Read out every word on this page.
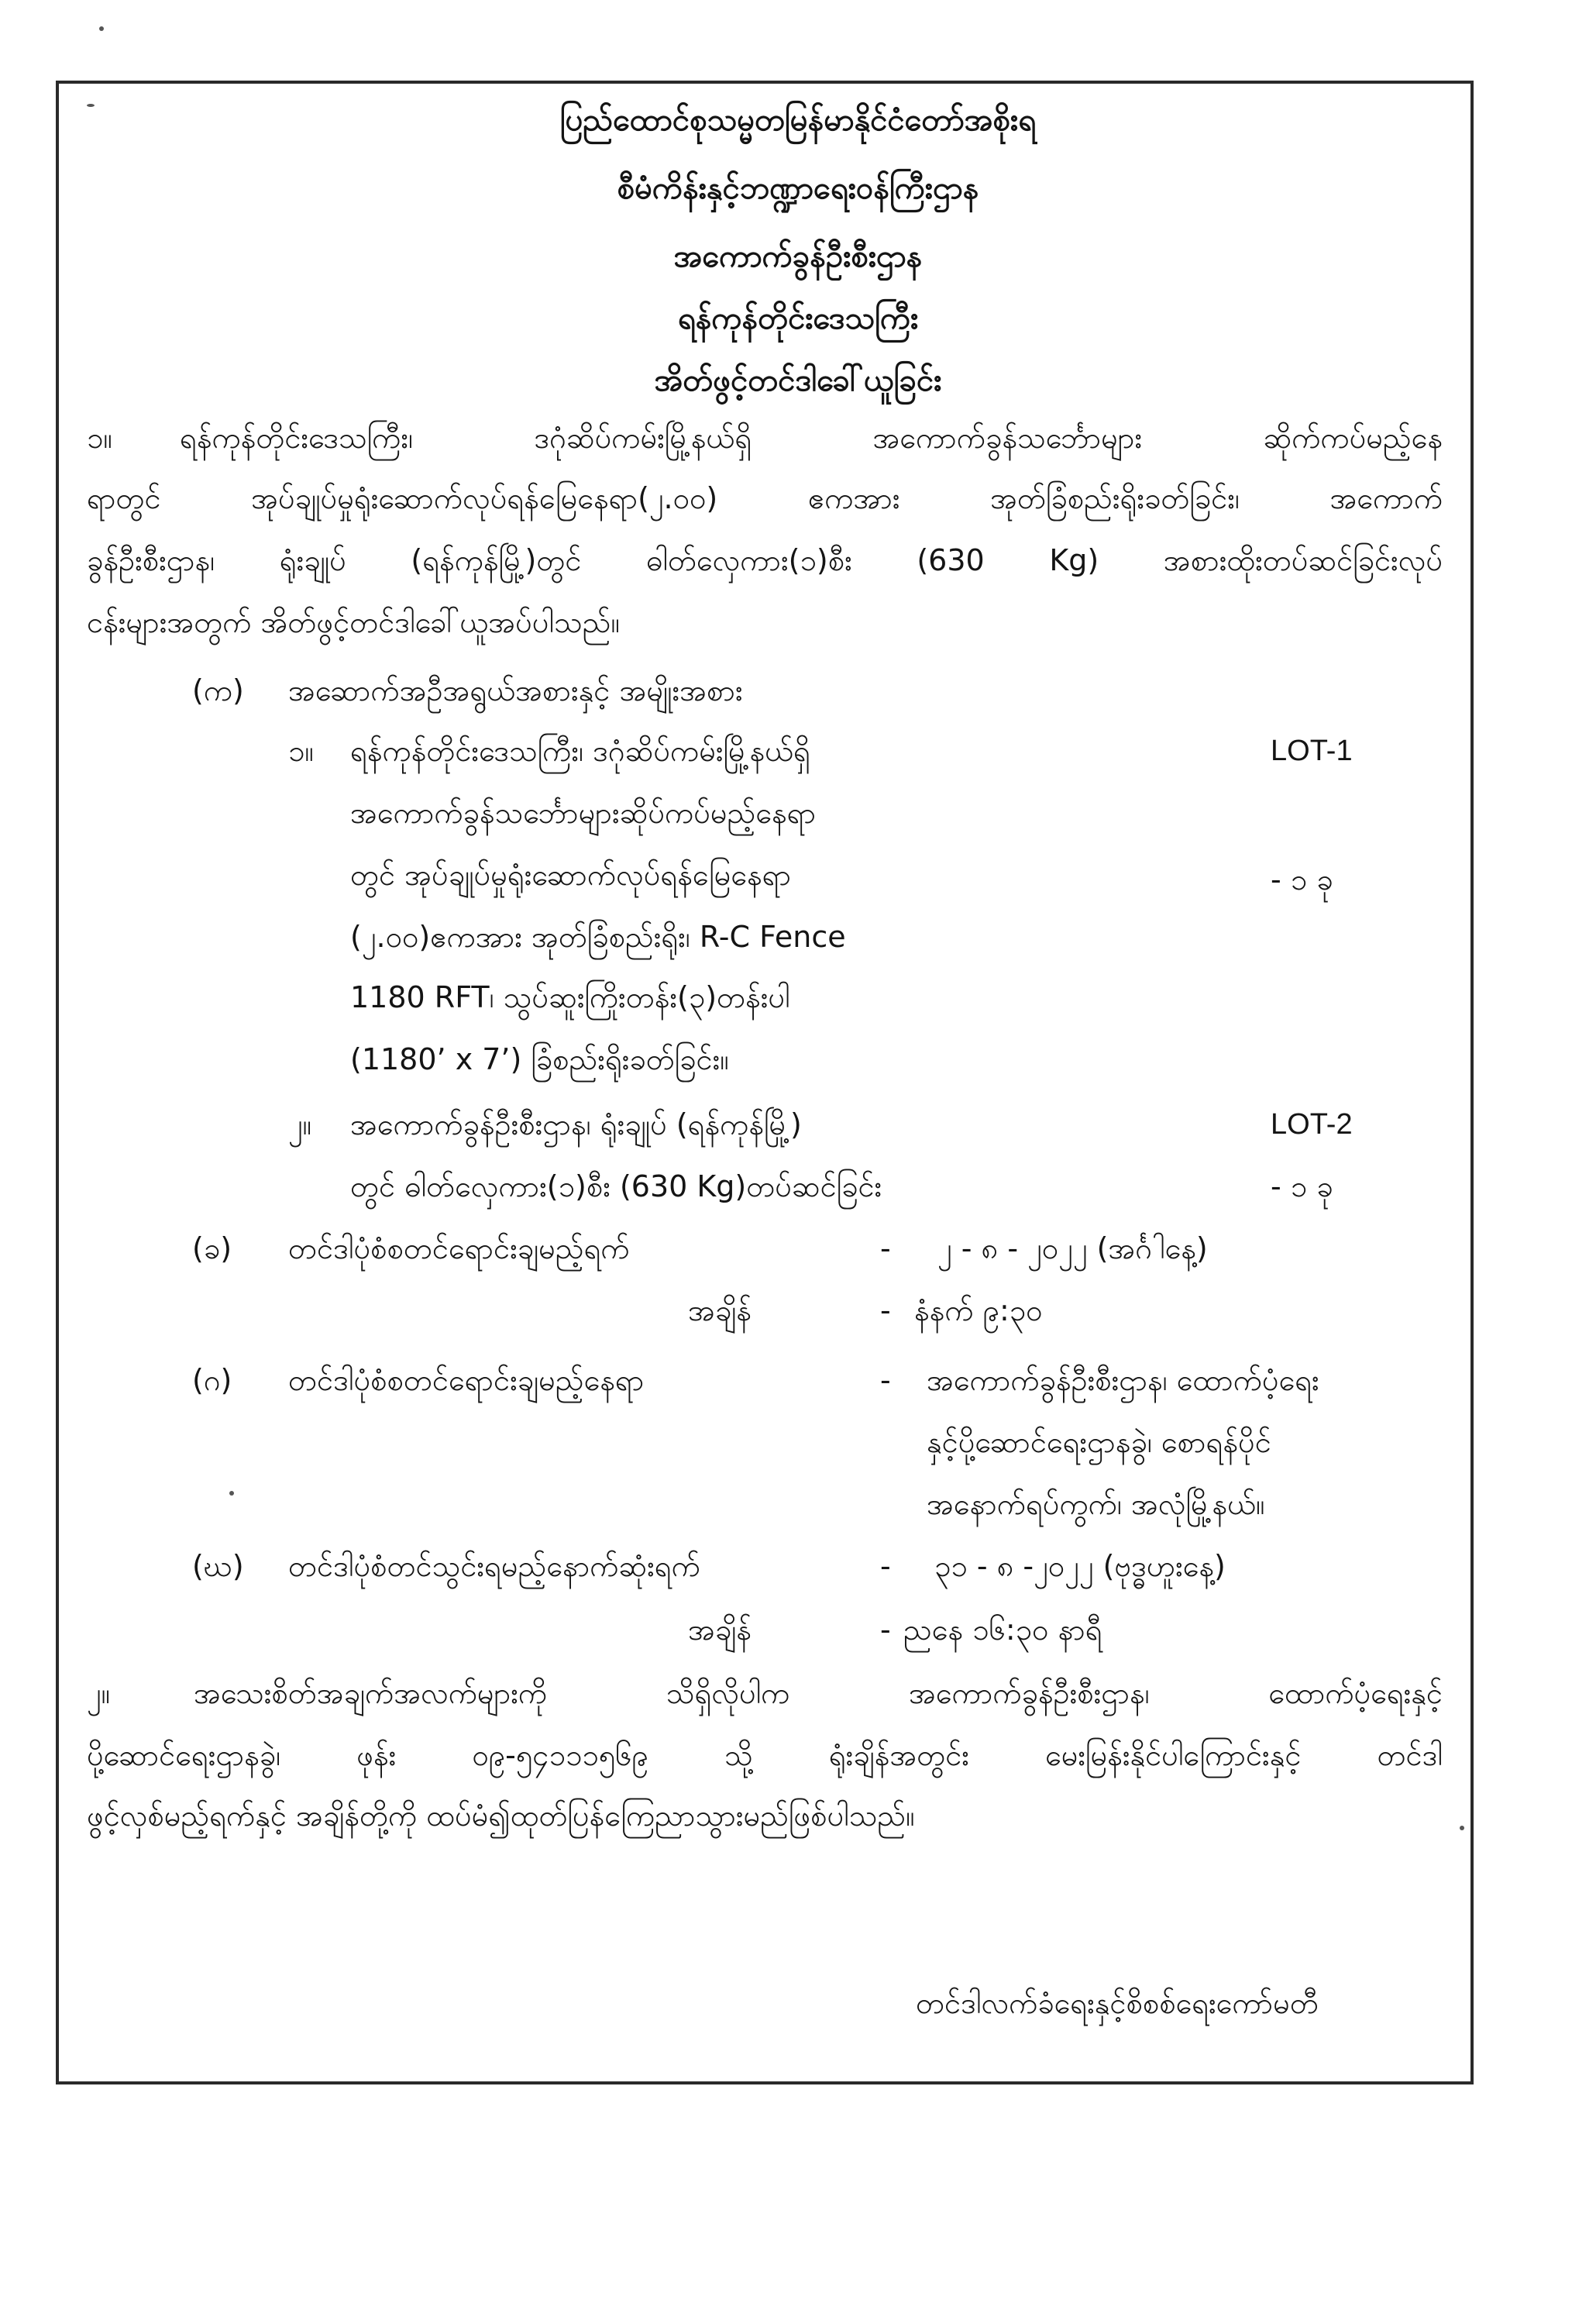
ပြည်ထောင်စုသမ္မတမြန်မာနိုင်ငံတော်အစိုးရ
စီမံကိန်းနှင့်ဘဏ္ဍာရေးဝန်ကြီးဌာန
အကောက်ခွန်ဦးစီးဌာန
ရန်ကုန်တိုင်းဒေသကြီး
အိတ်ဖွင့်တင်ဒါခေါ်ယူခြင်း
၁။ ရန်ကုန်တိုင်းဒေသကြီး၊ ဒဂုံဆိပ်ကမ်းမြို့နယ်ရှိ အကောက်ခွန်သင်္ဘောများ ဆိုက်ကပ်မည့်နေ
ရာတွင် အုပ်ချုပ်မှုရုံးဆောက်လုပ်ရန်မြေနေရာ(၂.၀၀) ဧကအား အုတ်ခြံစည်းရိုးခတ်ခြင်း၊ အကောက်
ခွန်ဦးစီးဌာန၊ ရုံးချုပ် (ရန်ကုန်မြို့)တွင် ဓါတ်လှေကား(၁)စီး (630 Kg) အစားထိုးတပ်ဆင်ခြင်းလုပ်
ငန်းများအတွက် အိတ်ဖွင့်တင်ဒါခေါ်ယူအပ်ပါသည်။
(က) အဆောက်အဦအရွယ်အစားနှင့် အမျိုးအစား
၁။ ရန်ကုန်တိုင်းဒေသကြီး၊ ဒဂုံဆိပ်ကမ်းမြို့နယ်ရှိ	LOT-1
အကောက်ခွန်သင်္ဘောများဆိုပ်ကပ်မည့်နေရာ
တွင် အုပ်ချုပ်မှုရုံးဆောက်လုပ်ရန်မြေနေရာ	- ၁ ခု
(၂.၀၀)ဧကအား အုတ်ခြံစည်းရိုး၊ R-C Fence
1180 RFT၊ သွပ်ဆူးကြိုးတန်း(၃)တန်းပါ
(1180’ x 7’) ခြံစည်းရိုးခတ်ခြင်း။
၂။ အကောက်ခွန်ဦးစီးဌာန၊ ရုံးချုပ် (ရန်ကုန်မြို့)	LOT-2
တွင် ဓါတ်လှေကား(၁)စီး (630 Kg)တပ်ဆင်ခြင်း	- ၁ ခု
(ခ) တင်ဒါပုံစံစတင်ရောင်းချမည့်ရက်	- ၂ - ၈ - ၂၀၂၂ (အင်္ဂါနေ့)
အချိန်	- နံနက် ၉:၃၀
(ဂ) တင်ဒါပုံစံစတင်ရောင်းချမည့်နေရာ	- အကောက်ခွန်ဦးစီးဌာန၊ ထောက်ပံ့ရေး
နှင့်ပို့ဆောင်ရေးဌာနခွဲ၊ စောရန်ပိုင်
အနောက်ရပ်ကွက်၊ အလုံမြို့နယ်။
(ဃ) တင်ဒါပုံစံတင်သွင်းရမည့်နောက်ဆုံးရက်	- ၃၁ - ၈ -၂၀၂၂ (ဗုဒ္ဓဟူးနေ့)
အချိန်	- ညနေ ၁၆:၃၀ နာရီ
၂။	အသေးစိတ်အချက်အလက်များကို သိရှိလိုပါက အကောက်ခွန်ဦးစီးဌာန၊ ထောက်ပံ့ရေးနှင့်
ပို့ဆောင်ရေးဌာနခွဲ၊ ဖုန်း ၀၉-၅၄၁၁၁၅၆၉ သို့ ရုံးချိန်အတွင်း မေးမြန်းနိုင်ပါကြောင်းနှင့် တင်ဒါ
ဖွင့်လှစ်မည့်ရက်နှင့် အချိန်တို့ကို ထပ်မံ၍ထုတ်ပြန်ကြေညာသွားမည်ဖြစ်ပါသည်။
တင်ဒါလက်ခံရေးနှင့်စိစစ်ရေးကော်မတီ
